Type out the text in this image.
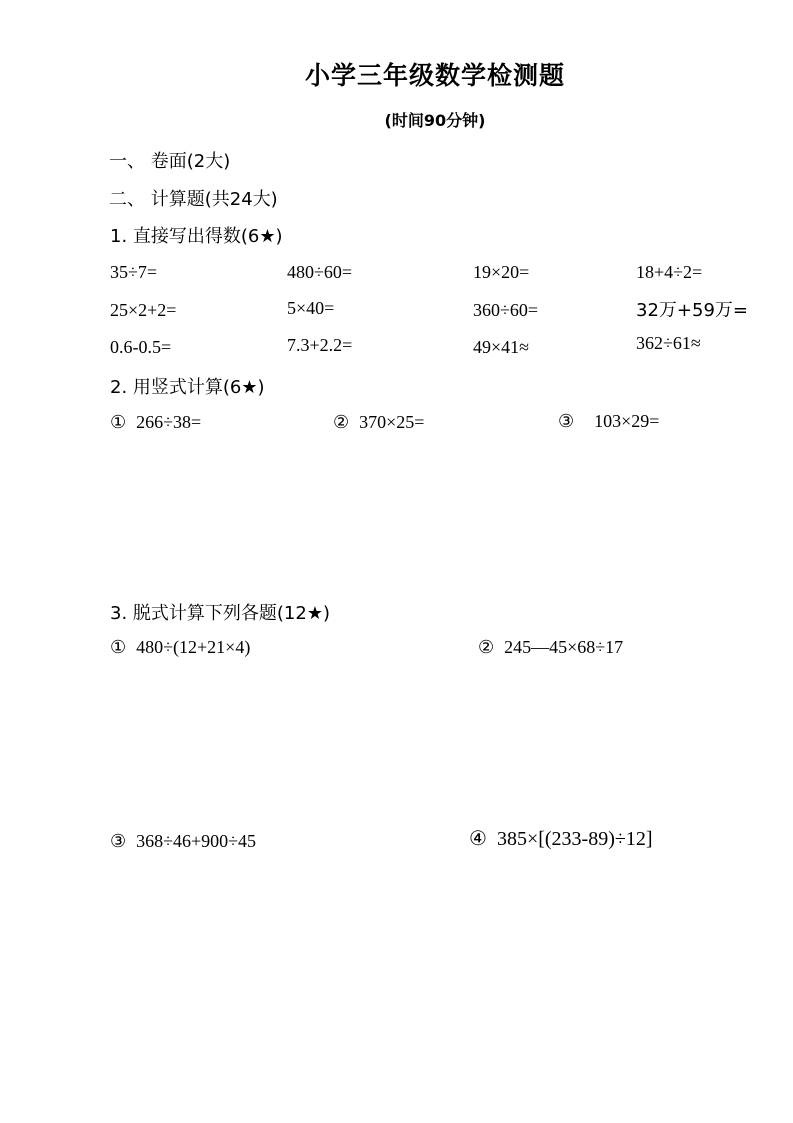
小学三年级数学检测题
(时间90分钟)
一、 卷面(2大)
二、 计算题(共24大)
1. 直接写出得数(6★)
35÷7=	480÷60=	19×20=	18+4÷2=
25×2+2=	5×40=	360÷60=	32万+59万=
0.6-0.5=	7.3+2.2=	49×41≈	362÷61≈
2. 用竖式计算(6★)
① 266÷38=	② 370×25=	③ 103×29=
3. 脱式计算下列各题(12★)
① 480÷(12+21×4)	② 245—45×68÷17
③ 368÷46+900÷45	④ 385×[(233-89)÷12]
